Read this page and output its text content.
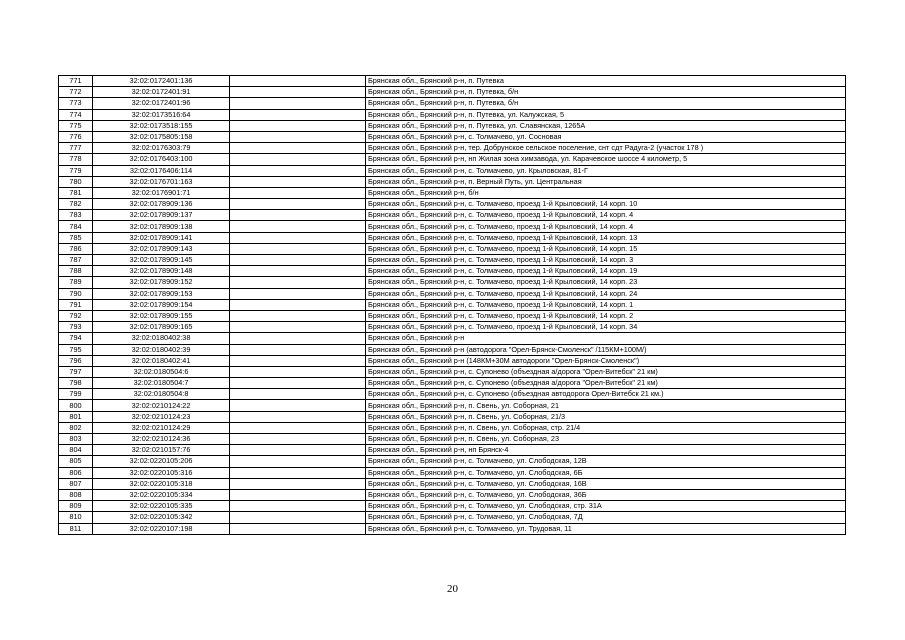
771	32:02:0172401:136		Брянская обл., Брянский р-н, п. Путевка
772	32:02:0172401:91		Брянская обл., Брянский р-н, п. Путевка, б/н
773	32:02:0172401:96		Брянская обл., Брянский р-н, п. Путевка, б/н
774	32:02:0173516:64		Брянская обл., Брянский р-н, п. Путевка, ул. Калужская, 5
775	32:02:0173518:155		Брянская обл., Брянский р-н, п. Путевка, ул. Славянская, 1265А
776	32:02:0175805:158		Брянская обл., Брянский р-н, с. Толмачево, ул. Сосновая
777	32:02:0176303:79		Брянская обл., Брянский р-н, тер. Добрунское сельское поселение, снт сдт Радуга-2 (участок 178 )
778	32:02:0176403:100		Брянская обл., Брянский р-н, нп Жилая зона химзавода, ул. Карачевское шоссе 4 километр, 5
779	32:02:0176406:114		Брянская обл., Брянский р-н, с. Толмачево, ул. Крыловская, 81-Г
780	32:02:0176701:163		Брянская обл., Брянский р-н, п. Верный Путь, ул. Центральная
781	32:02:0176901:71		Брянская обл., Брянский р-н, б/н
782	32:02:0178909:136		Брянская обл., Брянский р-н, с. Толмачево, проезд 1-й Крыловский, 14 корп. 10
783	32:02:0178909:137		Брянская обл., Брянский р-н, с. Толмачево, проезд 1-й Крыловский, 14 корп. 4
784	32:02:0178909:138		Брянская обл., Брянский р-н, с. Толмачево, проезд 1-й Крыловский, 14 корп. 4
785	32:02:0178909:141		Брянская обл., Брянский р-н, с. Толмачево, проезд 1-й Крыловский, 14 корп. 13
786	32:02:0178909:143		Брянская обл., Брянский р-н, с. Толмачево, проезд 1-й Крыловский, 14 корп. 15
787	32:02:0178909:145		Брянская обл., Брянский р-н, с. Толмачево, проезд 1-й Крыловский, 14 корп. 3
788	32:02:0178909:148		Брянская обл., Брянский р-н, с. Толмачево, проезд 1-й Крыловский, 14 корп. 19
789	32:02:0178909:152		Брянская обл., Брянский р-н, с. Толмачево, проезд 1-й Крыловский, 14 корп. 23
790	32:02:0178909:153		Брянская обл., Брянский р-н, с. Толмачево, проезд 1-й Крыловский, 14 корп. 24
791	32:02:0178909:154		Брянская обл., Брянский р-н, с. Толмачево, проезд 1-й Крыловский, 14 корп. 1
792	32:02:0178909:155		Брянская обл., Брянский р-н, с. Толмачево, проезд 1-й Крыловский, 14 корп. 2
793	32:02:0178909:165		Брянская обл., Брянский р-н, с. Толмачево, проезд 1-й Крыловский, 14 корп. 34
794	32:02:0180402:38		Брянская обл., Брянский р-н
795	32:02:0180402:39		Брянская обл., Брянский р-н (автодорога "Орел-Брянск-Смоленск" /115КМ+100М/)
796	32:02:0180402:41		Брянская обл., Брянский р-н (148КМ+30М автодороги "Орел-Брянск-Смоленск")
797	32:02:0180504:6		Брянская обл., Брянский р-н, с. Супонево (объездная а/дорога "Орел-Витебск" 21 км)
798	32:02:0180504:7		Брянская обл., Брянский р-н, с. Супонево (объездная а/дорога "Орел-Витебск" 21 км)
799	32:02:0180504:8		Брянская обл., Брянский р-н, с. Супонево (объездная автодорога Орел-Витебск 21 км.)
800	32:02:0210124:22		Брянская обл., Брянский р-н, п. Свень, ул. Соборная, 21
801	32:02:0210124:23		Брянская обл., Брянский р-н, п. Свень, ул. Соборная, 21/3
802	32:02:0210124:29		Брянская обл., Брянский р-н, п. Свень, ул. Соборная, стр. 21/4
803	32:02:0210124:36		Брянская обл., Брянский р-н, п. Свень, ул. Соборная, 23
804	32:02:0210157:76		Брянская обл., Брянский р-н, нп Брянск-4
805	32:02:0220105:206		Брянская обл., Брянский р-н, с. Толмачево, ул. Слободская, 12В
806	32:02:0220105:316		Брянская обл., Брянский р-н, с. Толмачево, ул. Слободская, 6Б
807	32:02:0220105:318		Брянская обл., Брянский р-н, с. Толмачево, ул. Слободская, 16В
808	32:02:0220105:334		Брянская обл., Брянский р-н, с. Толмачево, ул. Слободская, 36Б
809	32:02:0220105:335		Брянская обл., Брянский р-н, с. Толмачево, ул. Слободская, стр. 31А
810	32:02:0220105:342		Брянская обл., Брянский р-н, с. Толмачево, ул. Слободская, 7Д
811	32:02:0220107:198		Брянская обл., Брянский р-н, с. Толмачево, ул. Трудовая, 11
20
